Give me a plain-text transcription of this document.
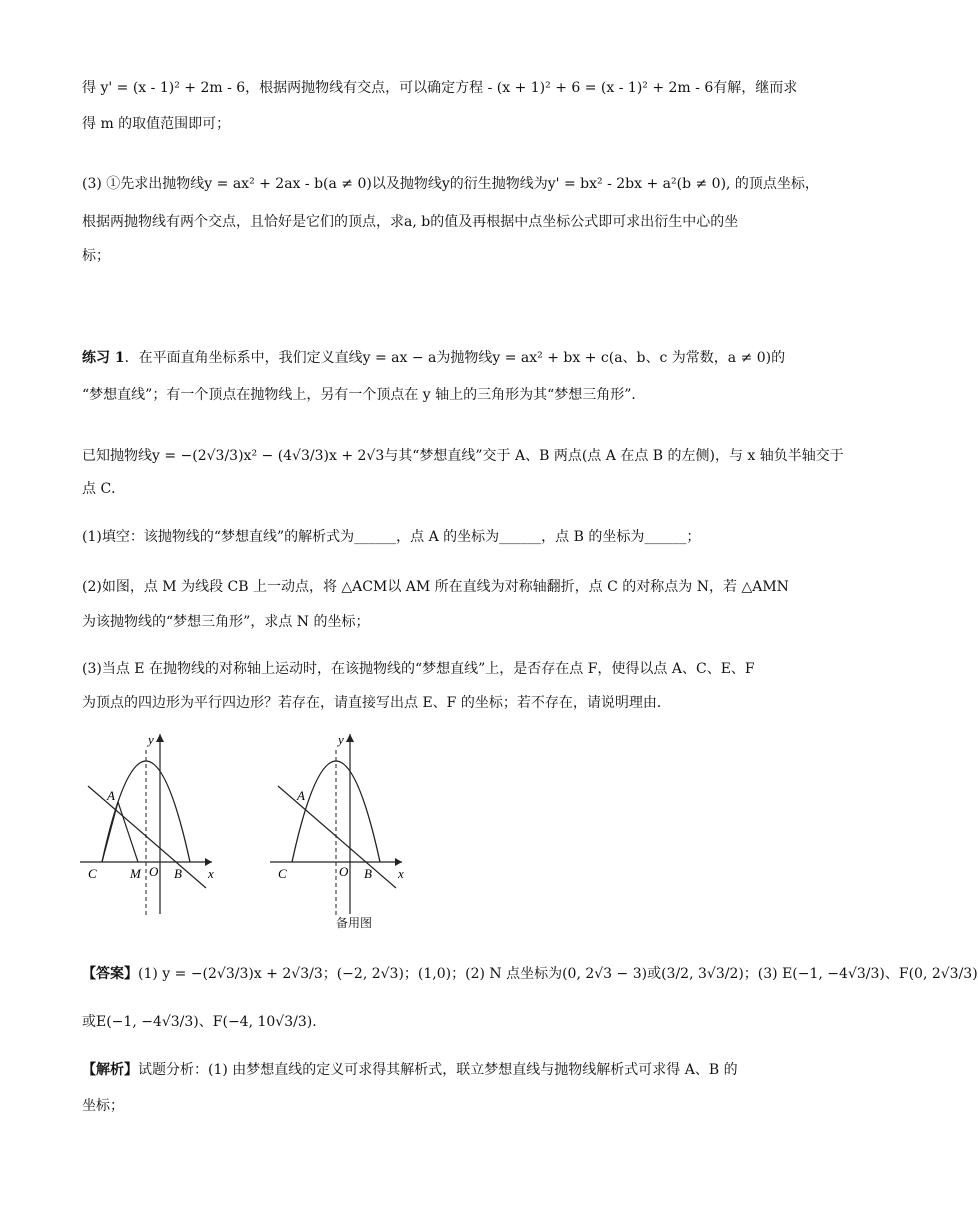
得 y' = (x - 1)² + 2m - 6，根据两抛物线有交点，可以确定方程 - (x + 1)² + 6 = (x - 1)² + 2m - 6有解，继而求
得 m 的取值范围即可；
(3) ①先求出抛物线y = ax² + 2ax - b(a ≠ 0)以及抛物线y的衍生抛物线为y' = bx² - 2bx + a²(b ≠ 0), 的顶点坐标，
根据两抛物线有两个交点，且恰好是它们的顶点，求a, b的值及再根据中点坐标公式即可求出衍生中心的坐
标；
练习 1．在平面直角坐标系中，我们定义直线y = ax − a为抛物线y = ax² + bx + c(a、b、c 为常数，a ≠ 0)的
“梦想直线”；有一个顶点在抛物线上，另有一个顶点在 y 轴上的三角形为其“梦想三角形”．
已知抛物线y = −(2√3/3)x² − (4√3/3)x + 2√3与其“梦想直线”交于 A、B 两点(点 A 在点 B 的左侧)，与 x 轴负半轴交于
点 C．
(1)填空：该抛物线的“梦想直线”的解析式为______，点 A 的坐标为______，点 B 的坐标为______；
(2)如图，点 M 为线段 CB 上一动点，将 △ACM以 AM 所在直线为对称轴翻折，点 C 的对称点为 N，若 △AMN
为该抛物线的“梦想三角形”，求点 N 的坐标；
(3)当点 E 在抛物线的对称轴上运动时，在该抛物线的“梦想直线”上，是否存在点 F，使得以点 A、C、E、F
为顶点的四边形为平行四边形？若存在，请直接写出点 E、F 的坐标；若不存在，请说明理由．
A
y
x
C	M O B
A
y
x
C	O B
备用图
【答案】(1) y = −(2√3/3)x + 2√3/3；(−2, 2√3)；(1,0)；(2) N 点坐标为(0, 2√3 − 3)或(3/2, 3√3/2)；(3) E(−1, −4√3/3)、F(0, 2√3/3)
或E(−1, −4√3/3)、F(−4, 10√3/3).
【解析】试题分析：(1) 由梦想直线的定义可求得其解析式，联立梦想直线与抛物线解析式可求得 A、B 的
坐标；
